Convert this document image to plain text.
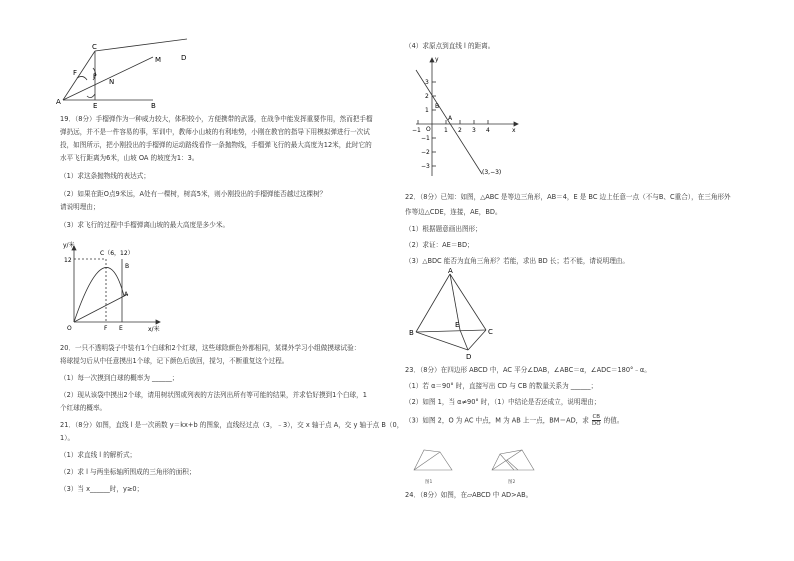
C
F	P
N
M	D
A	E	B
19．（8分）手榴弹作为一种威力较大，体积较小，方便携带的武器，在战争中能发挥重要作用，然而把手榴
弹扔远，并不是一件容易的事，军训中，教师小山坡的有利地势，小刚在教官的指导下用模拟弹进行一次试
投，如图所示，把小刚投出的手榴弹的运动路线看作一条抛物线，手榴弹飞行的最大高度为12米，此时它的
水平飞行距离为6米，山坡 OA 的坡度为1：3。
（1）求这条抛物线的表达式；
（2）如果在距O点9米远，A处有一棵树，树高5米，则小刚投出的手榴弹能否越过这棵树？
请说明理由；
（3）求飞行的过程中手榴弹离山坡的最大高度是多少米。
y/米
x/米
C（6，12）
12
B
A
O	F E
20．一只不透明袋子中装有1个白球和2个红球，这些球除颜色外都相同，某课外学习小组做摸球试验：
将球搅匀后从中任意摸出1个球，记下颜色后放回，搅匀，不断重复这个过程。
（1）每一次摸到白球的概率为 ______；
（2）现从该袋中摸出2个球，请用树状图或列表的方法列出所有等可能的结果，并求恰好摸到1个白球，1
个红球的概率。
21．（8分）如图，直线 l 是一次函数 y＝kx+b 的图象，直线经过点（3，﹣3），交 x 轴于点 A，交 y 轴于点 B（0，
1）。
（1）求直线 l 的解析式；
（2）求 l 与两坐标轴所围成的三角形的面积；
（3）当 x______时，y≥0；
（4）求原点到直线 l 的距离。
−1	1 2 3 4
3
2
1
−1
−2
−3
x
y
O
A
B
(3,−3)
22．（8分）已知：如图，△ABC 是等边三角形，AB＝4，E 是 BC 边上任意一点（不与B、C重合），在三角形外
作等边△CDE，连接，AE，BD。
（1）根据题意画出图形；
（2）求证：AE＝BD；
（3）△BDC 能否为直角三角形？若能，求出 BD 长；若不能，请说明理由。
A
B	C
D
E
23．（8分）在四边形 ABCD 中，AC 平分∠DAB，∠ABC＝α，∠ADC＝180°﹣α。
（1）若 α＝90° 时，直接写出 CD 与 CB 的数量关系为 ______；
（2）如图 1，当 α≠90° 时，（1）中结论是否还成立，说明理由；
（3）如图 2，O 为 AC 中点，M 为 AB 上一点，BM＝AD，求 $\frac{CB}{DO}$ 的值。
图1	图2
24．（8分）如图，在▱ABCD 中 AD>AB。
